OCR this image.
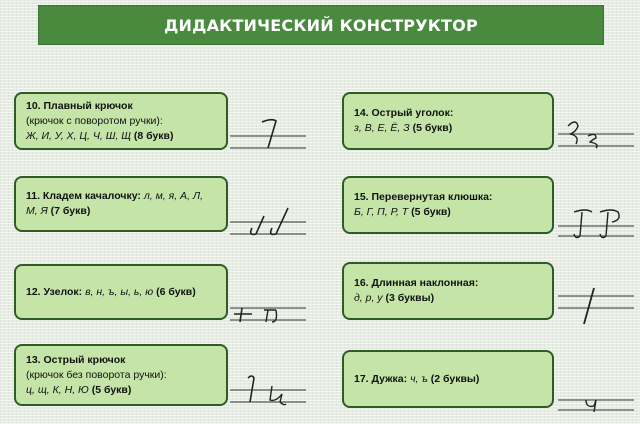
ДИДАКТИЧЕСКИЙ КОНСТРУКТОР
10. Плавный крючок
(крючок с поворотом ручки):
Ж, И, У, Х, Ц, Ч, Ш, Щ (8 букв)
11. Кладем качалочку: л, м, я, А, Л,
М, Я (7 букв)
12. Узелок: в, н, ъ, ы, ь, ю (6 букв)
13. Острый крючок
(крючок без поворота ручки):
ц, щ, К, Н, Ю (5 букв)
14. Острый уголок:
з, В, Е, Ё, З (5 букв)
15. Перевернутая клюшка:
Б, Г, П, Р, Т (5 букв)
16. Длинная наклонная:
д, р, у (3 буквы)
17. Дужка: ч, ъ (2 буквы)
